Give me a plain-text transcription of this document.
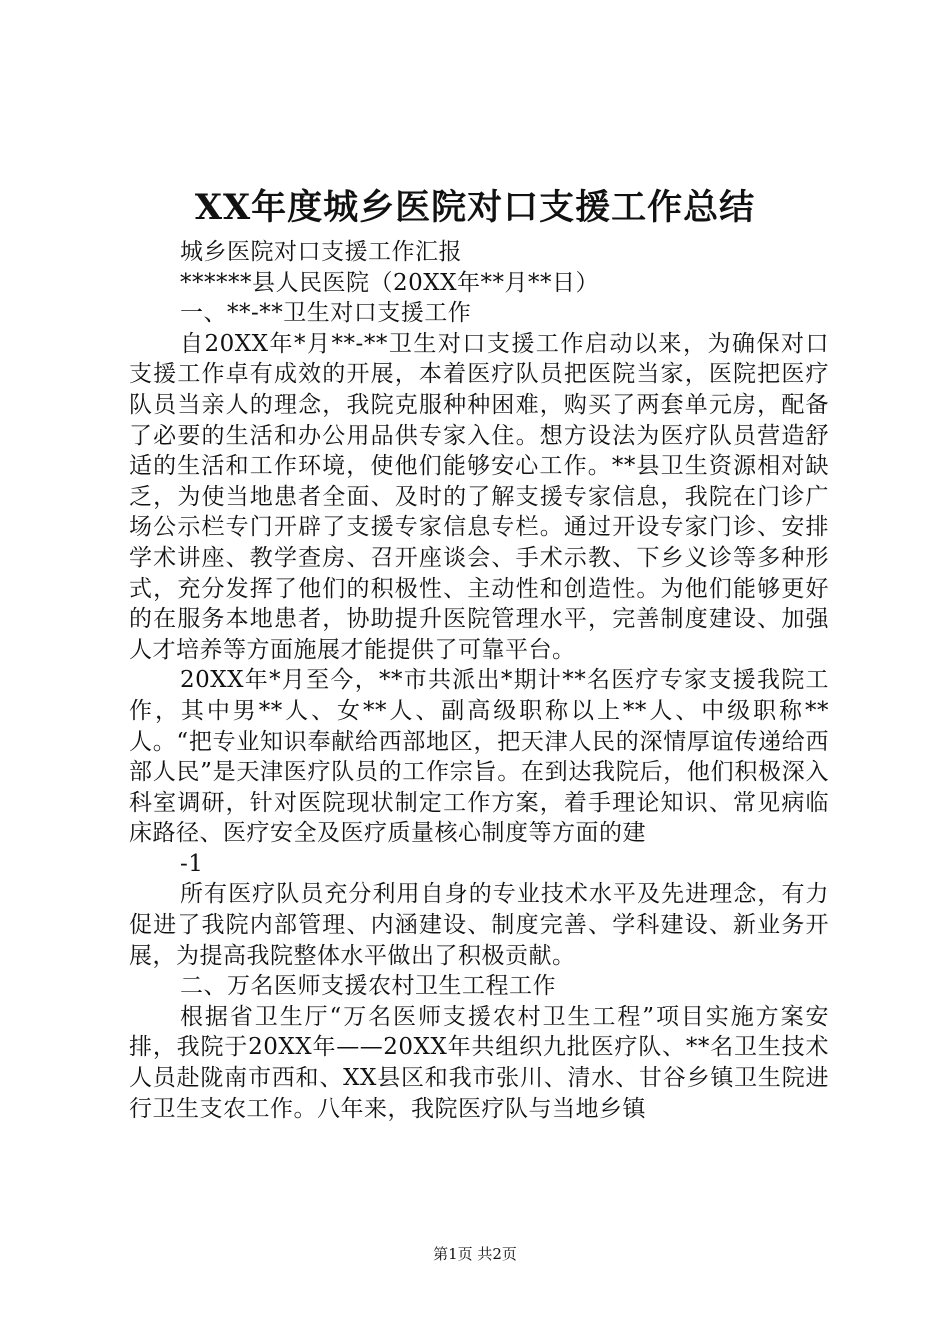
XX年度城乡医院对口支援工作总结

城乡医院对口支援工作汇报

******县人民医院（20XX年**月**日）

一、**-**卫生对口支援工作

自20XX年*月**-**卫生对口支援工作启动以来，为确保对口支援工作卓有成效的开展，本着医疗队员把医院当家，医院把医疗队员当亲人的理念，我院克服种种困难，购买了两套单元房，配备了必要的生活和办公用品供专家入住。想方设法为医疗队员营造舒适的生活和工作环境，使他们能够安心工作。**县卫生资源相对缺乏，为使当地患者全面、及时的了解支援专家信息，我院在门诊广场公示栏专门开辟了支援专家信息专栏。通过开设专家门诊、安排学术讲座、教学查房、召开座谈会、手术示教、下乡义诊等多种形式，充分发挥了他们的积极性、主动性和创造性。为他们能够更好的在服务本地患者，协助提升医院管理水平，完善制度建设、加强人才培养等方面施展才能提供了可靠平台。

20XX年*月至今，**市共派出*期计**名医疗专家支援我院工作，其中男**人、女**人、副高级职称以上**人、中级职称**人。“把专业知识奉献给西部地区，把天津人民的深情厚谊传递给西部人民”是天津医疗队员的工作宗旨。在到达我院后，他们积极深入科室调研，针对医院现状制定工作方案，着手理论知识、常见病临床路径、医疗安全及医疗质量核心制度等方面的建

-1

所有医疗队员充分利用自身的专业技术水平及先进理念，有力促进了我院内部管理、内涵建设、制度完善、学科建设、新业务开展，为提高我院整体水平做出了积极贡献。

二、万名医师支援农村卫生工程工作

根据省卫生厅“万名医师支援农村卫生工程”项目实施方案安排，我院于20XX年——20XX年共组织九批医疗队、**名卫生技术人员赴陇南市西和、XX县区和我市张川、清水、甘谷乡镇卫生院进行卫生支农工作。八年来，我院医疗队与当地乡镇

第1页 共2页
